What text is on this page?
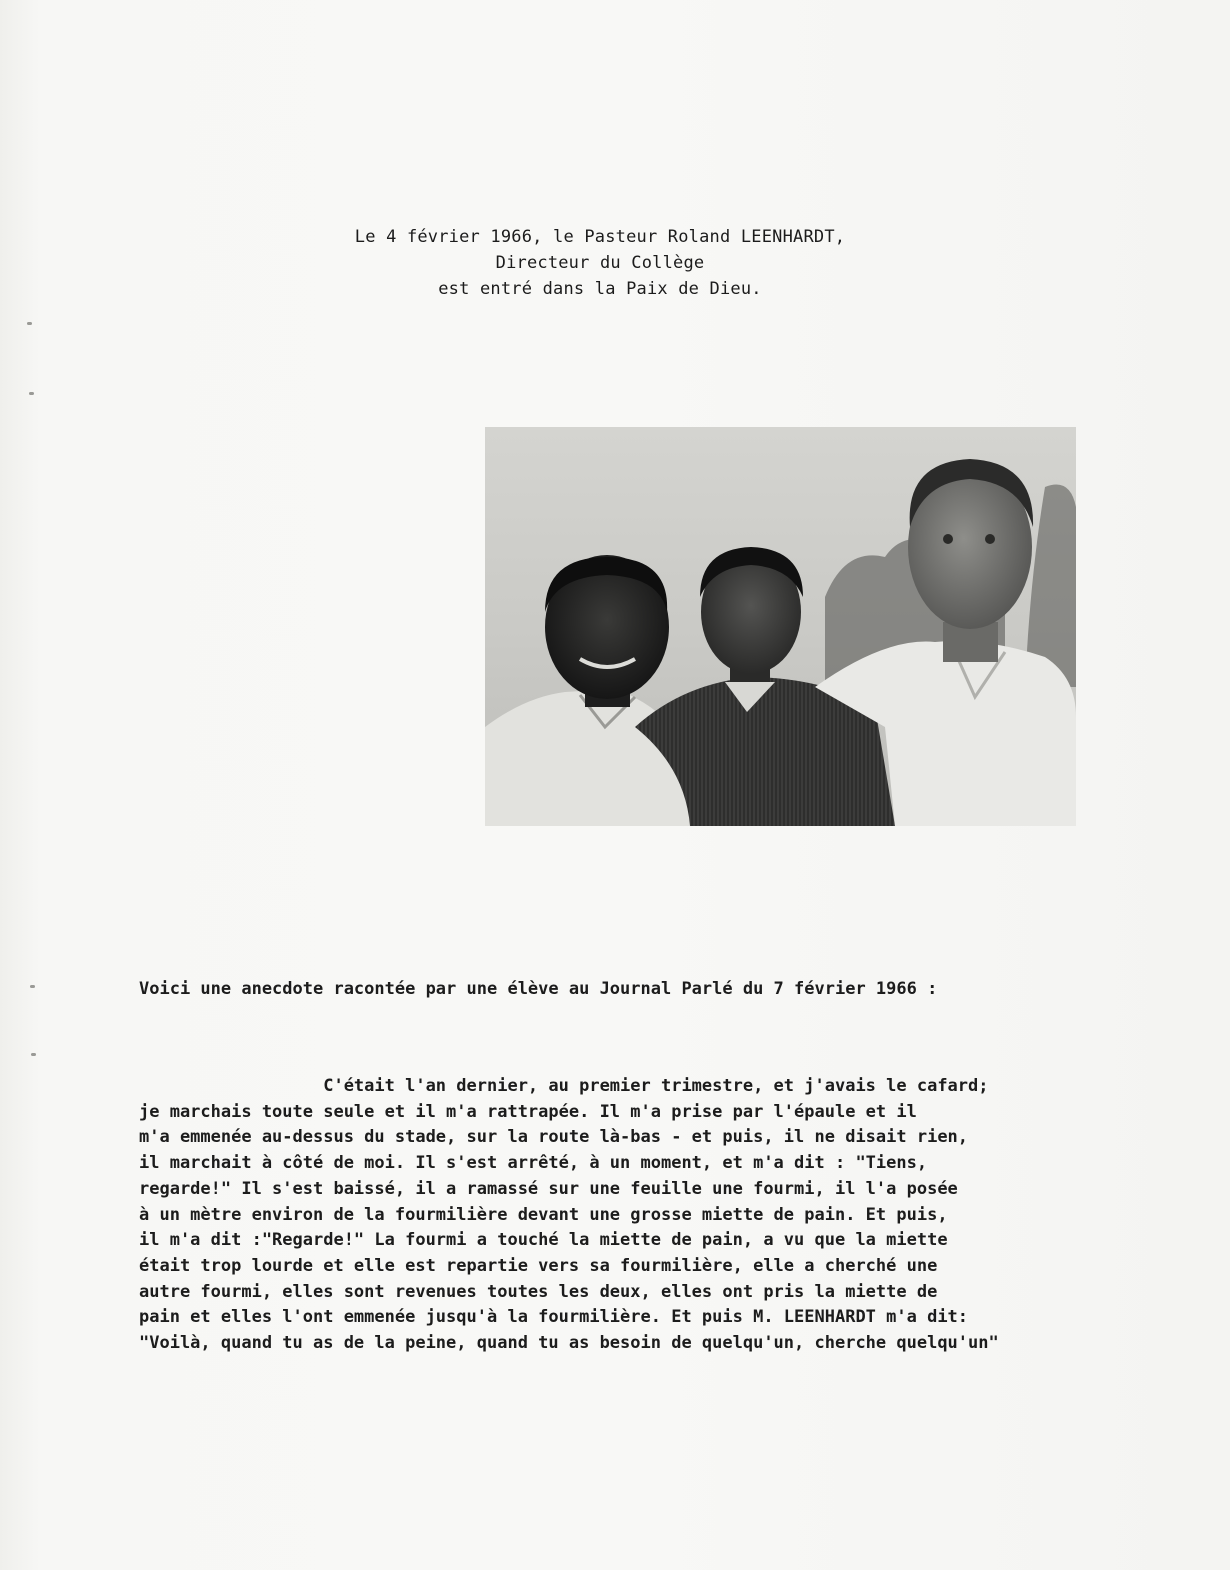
Le 4 février 1966, le Pasteur Roland LEENHARDT,
Directeur du Collège
est entré dans la Paix de Dieu.
Voici une anecdote racontée par une élève au Journal Parlé du 7 février 1966 :
C'était l'an dernier, au premier trimestre, et j'avais le cafard;
je marchais toute seule et il m'a rattrapée. Il m'a prise par l'épaule et il
m'a emmenée au-dessus du stade, sur la route là-bas - et puis, il ne disait rien,
il marchait à côté de moi. Il s'est arrêté, à un moment, et m'a dit : "Tiens,
regarde!" Il s'est baissé, il a ramassé sur une feuille une fourmi, il l'a posée
à un mètre environ de la fourmilière devant une grosse miette de pain. Et puis,
il m'a dit :"Regarde!" La fourmi a touché la miette de pain, a vu que la miette
était trop lourde et elle est repartie vers sa fourmilière, elle a cherché une
autre fourmi, elles sont revenues toutes les deux, elles ont pris la miette de
pain et elles l'ont emmenée jusqu'à la fourmilière. Et puis M. LEENHARDT m'a dit:
"Voilà, quand tu as de la peine, quand tu as besoin de quelqu'un, cherche quelqu'un"
